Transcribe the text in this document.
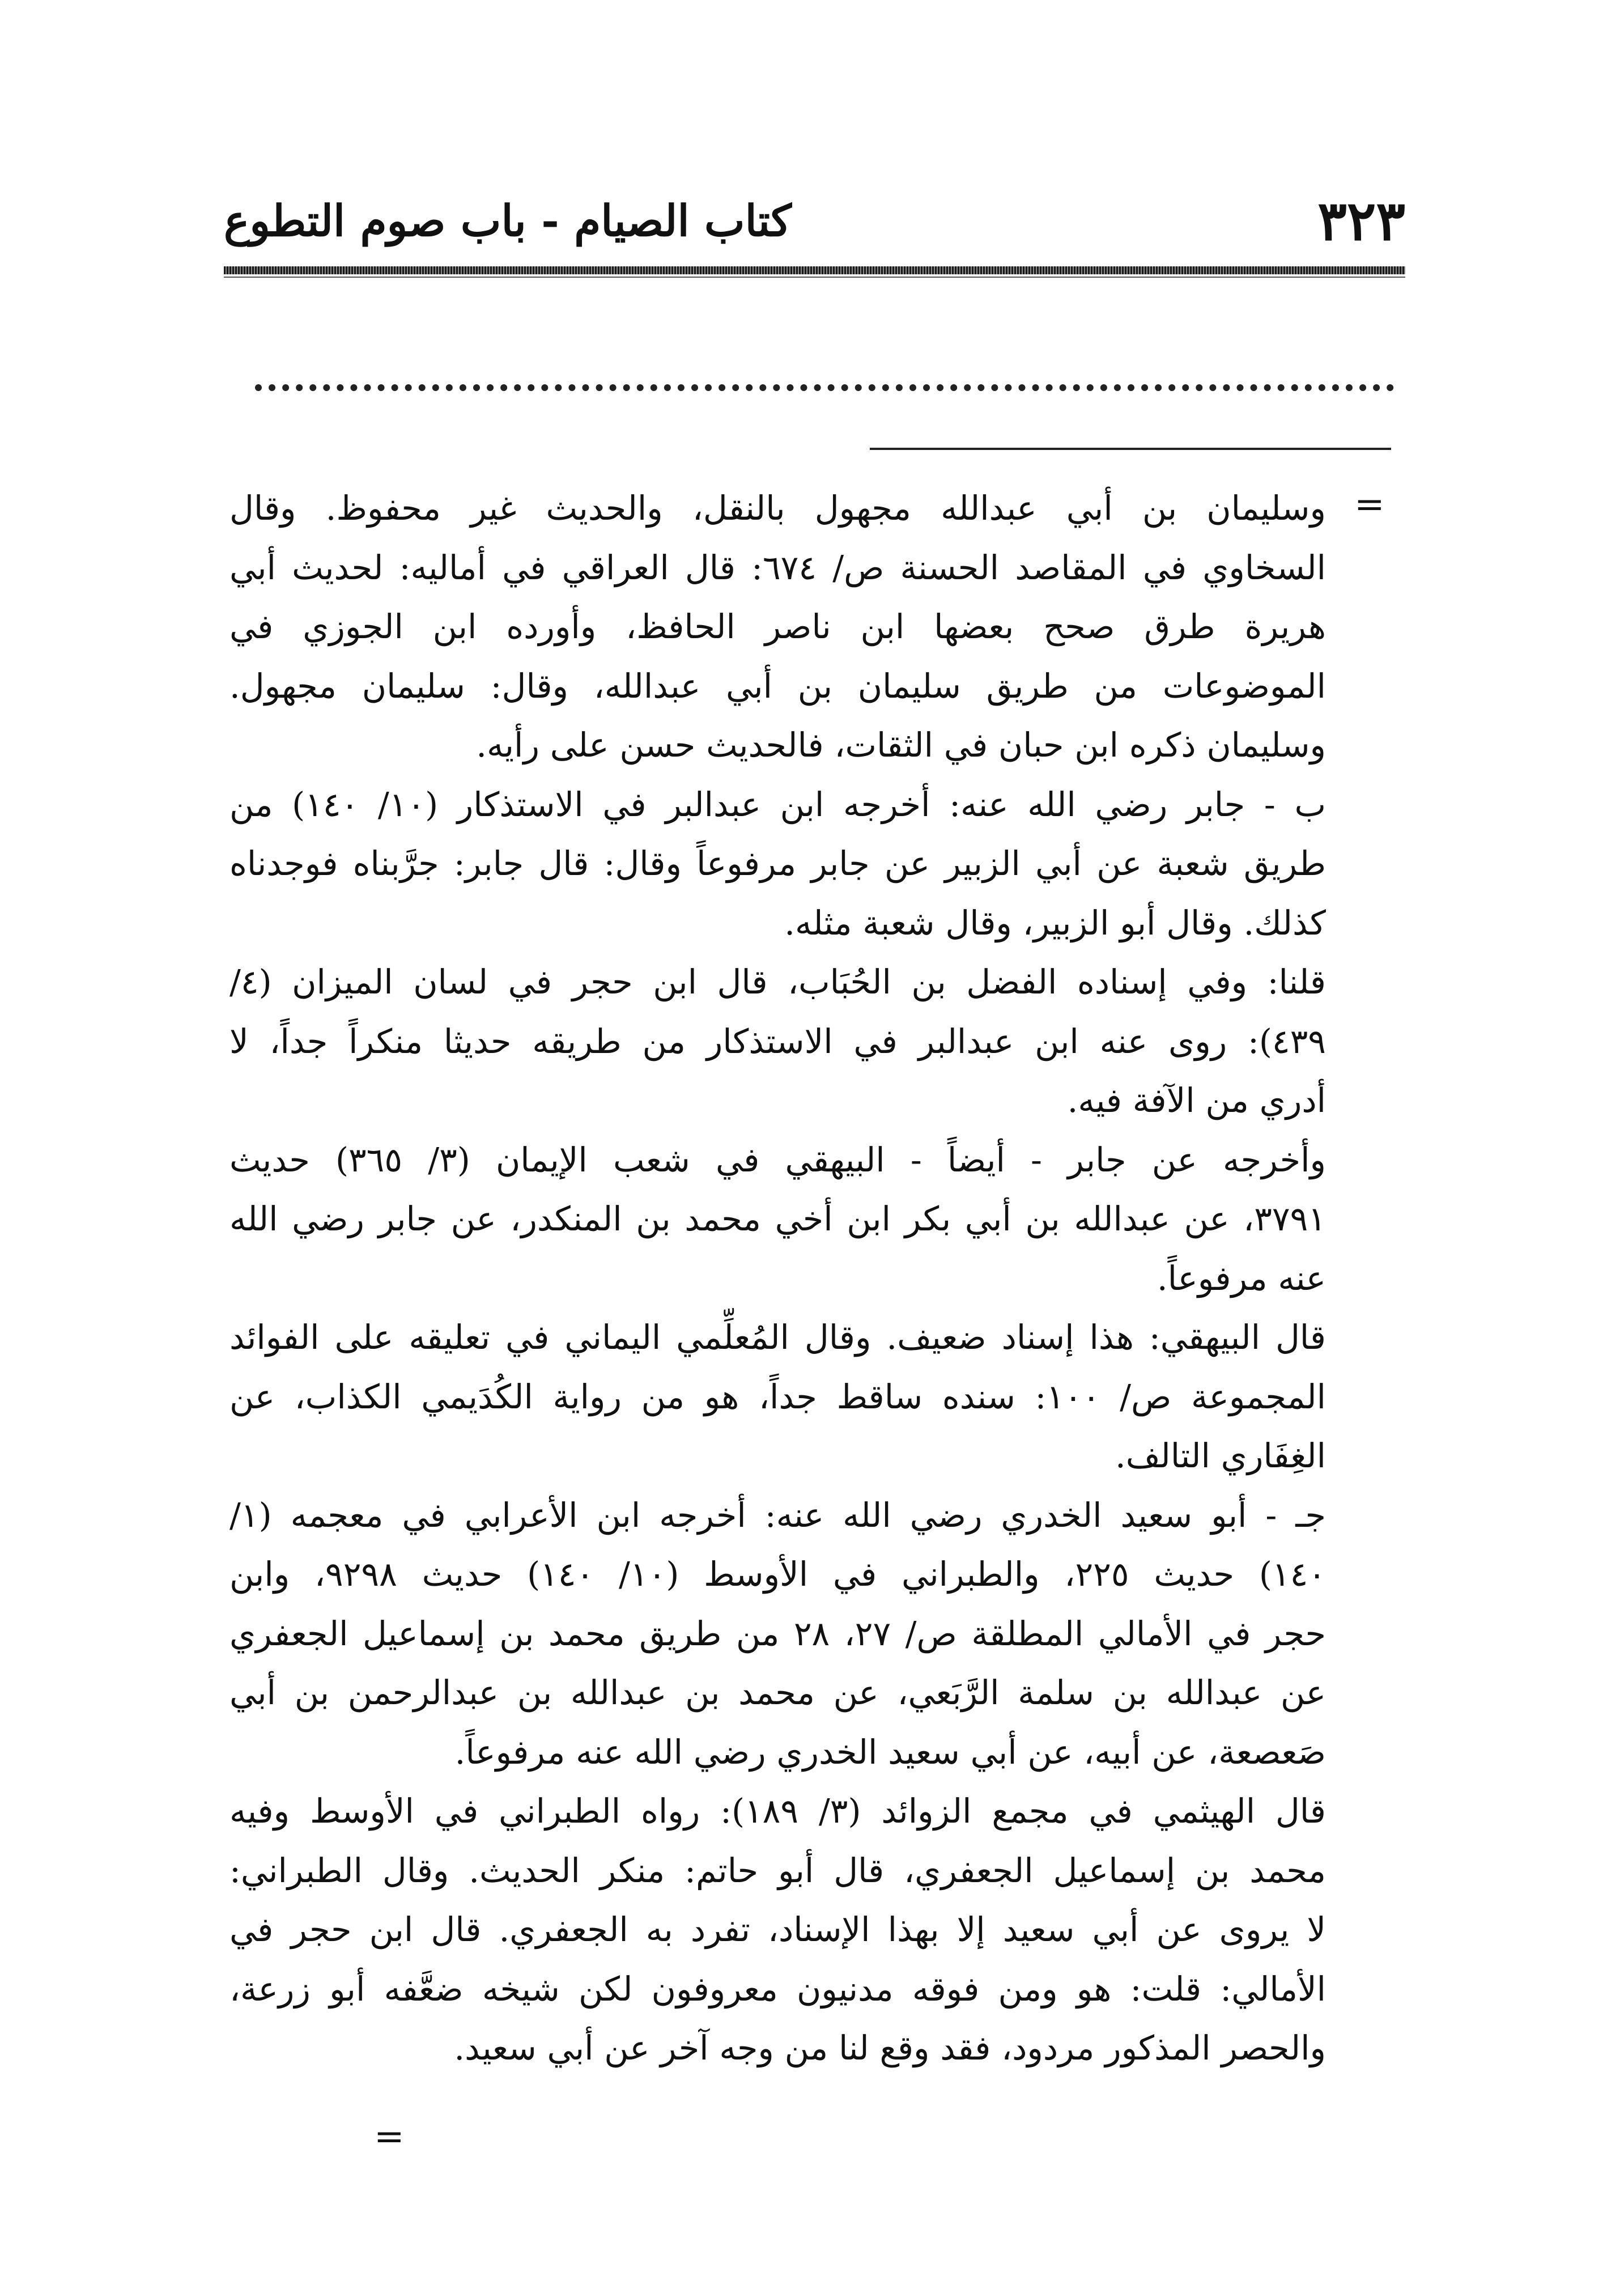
٣٢٣
كتاب الصيام - باب صوم التطوع
=
وسليمان بن أبي عبدالله مجهول بالنقل، والحديث غير محفوظ. وقال
السخاوي في المقاصد الحسنة ص/ ٦٧٤: قال العراقي في أماليه: لحديث أبي
هريرة طرق صحح بعضها ابن ناصر الحافظ، وأورده ابن الجوزي في
الموضوعات من طريق سليمان بن أبي عبدالله، وقال: سليمان مجهول.
وسليمان ذكره ابن حبان في الثقات، فالحديث حسن على رأيه.
ب - جابر رضي الله عنه: أخرجه ابن عبدالبر في الاستذكار (١٠/ ١٤٠) من
طريق شعبة عن أبي الزبير عن جابر مرفوعاً وقال: قال جابر: جرَّبناه فوجدناه
كذلك. وقال أبو الزبير، وقال شعبة مثله.
قلنا: وفي إسناده الفضل بن الحُبَاب، قال ابن حجر في لسان الميزان (٤/
٤٣٩): روى عنه ابن عبدالبر في الاستذكار من طريقه حديثا منكراً جداً، لا
أدري من الآفة فيه.
وأخرجه عن جابر - أيضاً - البيهقي في شعب الإيمان (٣/ ٣٦٥) حديث
٣٧٩١، عن عبدالله بن أبي بكر ابن أخي محمد بن المنكدر، عن جابر رضي الله
عنه مرفوعاً.
قال البيهقي: هذا إسناد ضعيف. وقال المُعلِّمي اليماني في تعليقه على الفوائد
المجموعة ص/ ١٠٠: سنده ساقط جداً، هو من رواية الكُدَيمي الكذاب، عن
الغِفَاري التالف.
جـ - أبو سعيد الخدري رضي الله عنه: أخرجه ابن الأعرابي في معجمه (١/
١٤٠) حديث ٢٢٥، والطبراني في الأوسط (١٠/ ١٤٠) حديث ٩٢٩٨، وابن
حجر في الأمالي المطلقة ص/ ٢٧، ٢٨ من طريق محمد بن إسماعيل الجعفري
عن عبدالله بن سلمة الرَّبَعي، عن محمد بن عبدالله بن عبدالرحمن بن أبي
صَعصعة، عن أبيه، عن أبي سعيد الخدري رضي الله عنه مرفوعاً.
قال الهيثمي في مجمع الزوائد (٣/ ١٨٩): رواه الطبراني في الأوسط وفيه
محمد بن إسماعيل الجعفري، قال أبو حاتم: منكر الحديث. وقال الطبراني:
لا يروى عن أبي سعيد إلا بهذا الإسناد، تفرد به الجعفري. قال ابن حجر في
الأمالي: قلت: هو ومن فوقه مدنيون معروفون لكن شيخه ضعَّفه أبو زرعة،
والحصر المذكور مردود، فقد وقع لنا من وجه آخر عن أبي سعيد.
=
